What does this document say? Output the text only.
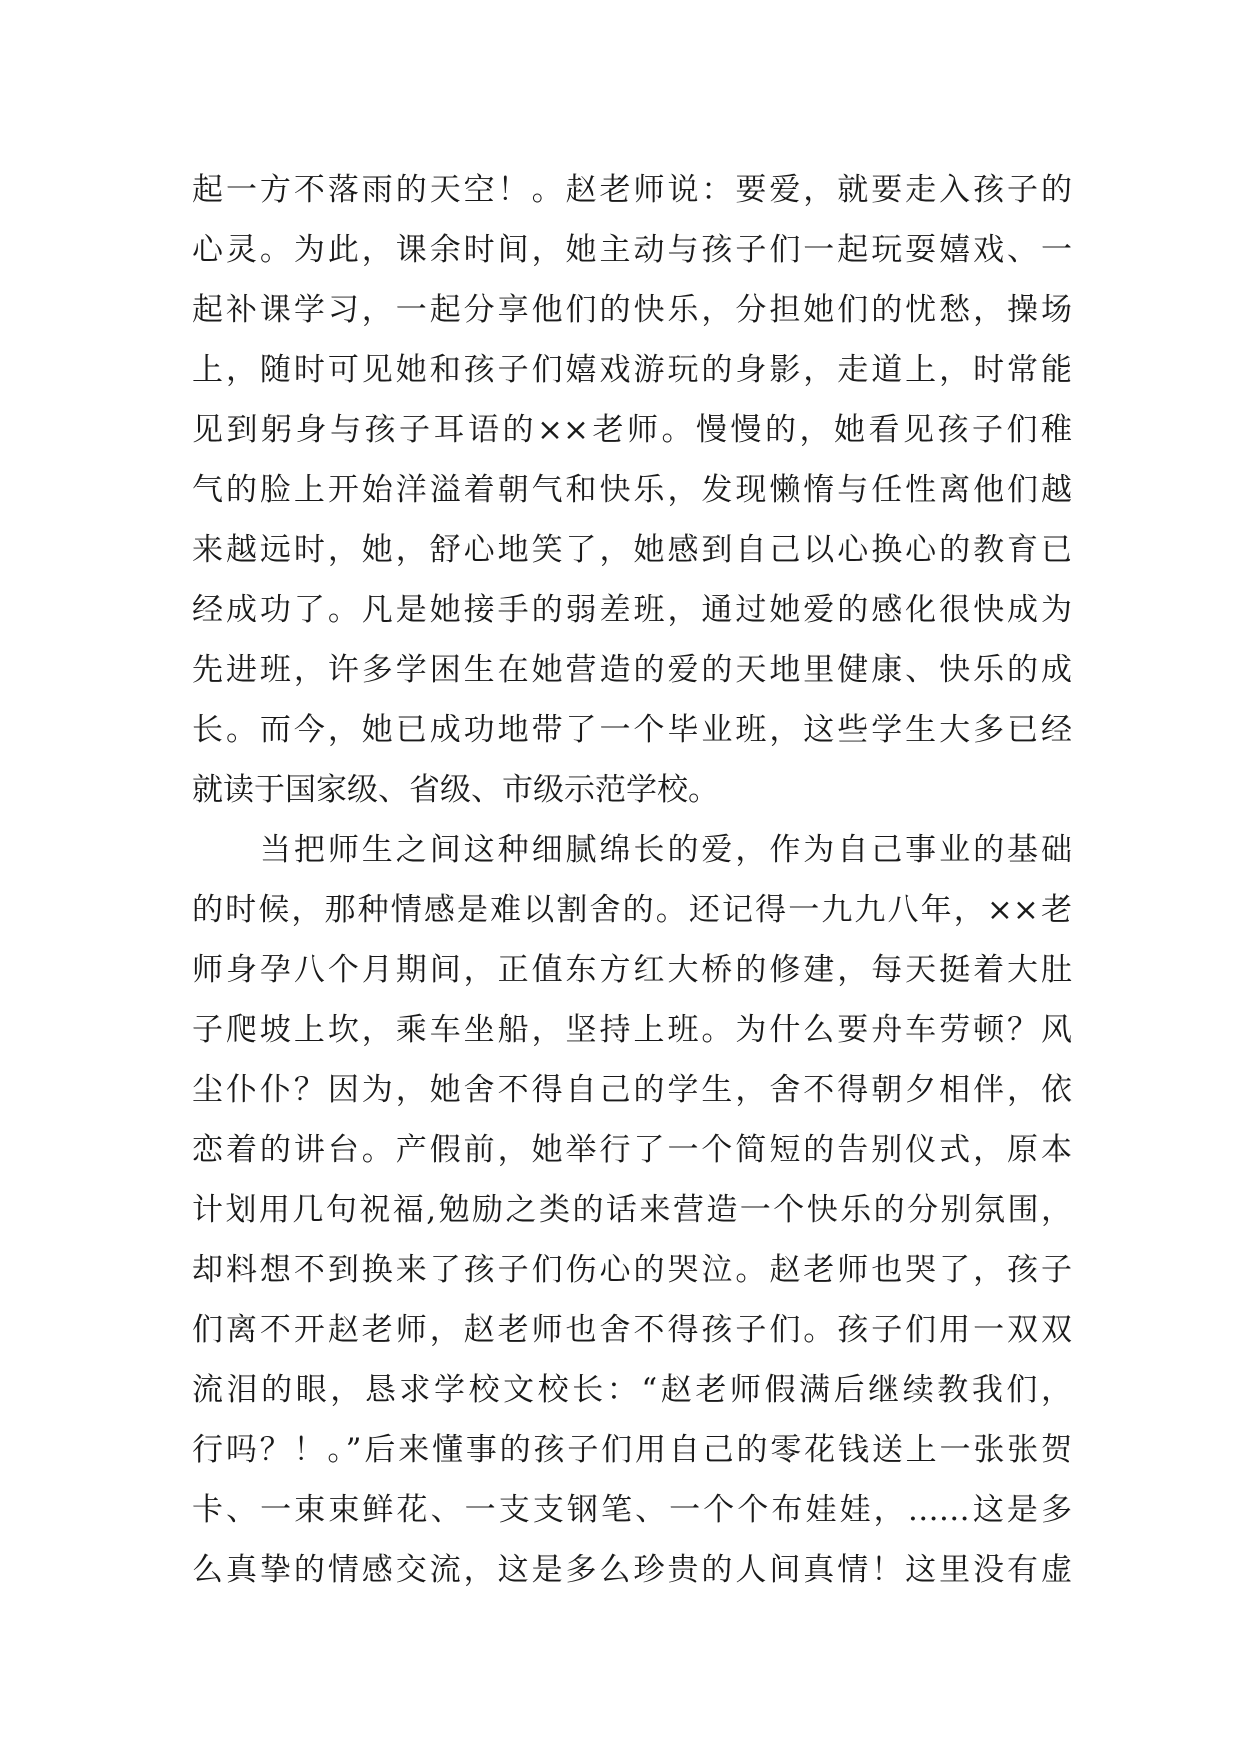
起一方不落雨的天空！。赵老师说：要爱，就要走入孩子的
心灵。为此，课余时间，她主动与孩子们一起玩耍嬉戏、一
起补课学习，一起分享他们的快乐，分担她们的忧愁，操场
上，随时可见她和孩子们嬉戏游玩的身影，走道上，时常能
见到躬身与孩子耳语的××老师。慢慢的，她看见孩子们稚
气的脸上开始洋溢着朝气和快乐，发现懒惰与任性离他们越
来越远时，她，舒心地笑了，她感到自己以心换心的教育已
经成功了。凡是她接手的弱差班，通过她爱的感化很快成为
先进班，许多学困生在她营造的爱的天地里健康、快乐的成
长。而今，她已成功地带了一个毕业班，这些学生大多已经
就读于国家级、省级、市级示范学校。
　　当把师生之间这种细腻绵长的爱，作为自己事业的基础
的时候，那种情感是难以割舍的。还记得一九九八年，××老
师身孕八个月期间，正值东方红大桥的修建，每天挺着大肚
子爬坡上坎，乘车坐船，坚持上班。为什么要舟车劳顿？风
尘仆仆？因为，她舍不得自己的学生，舍不得朝夕相伴，依
恋着的讲台。产假前，她举行了一个简短的告别仪式，原本
计划用几句祝福,勉励之类的话来营造一个快乐的分别氛围，
却料想不到换来了孩子们伤心的哭泣。赵老师也哭了，孩子
们离不开赵老师，赵老师也舍不得孩子们。孩子们用一双双
流泪的眼，恳求学校文校长：“赵老师假满后继续教我们，
行吗？！。”后来懂事的孩子们用自己的零花钱送上一张张贺
卡、一束束鲜花、一支支钢笔、一个个布娃娃，……这是多
么真挚的情感交流，这是多么珍贵的人间真情！这里没有虚
